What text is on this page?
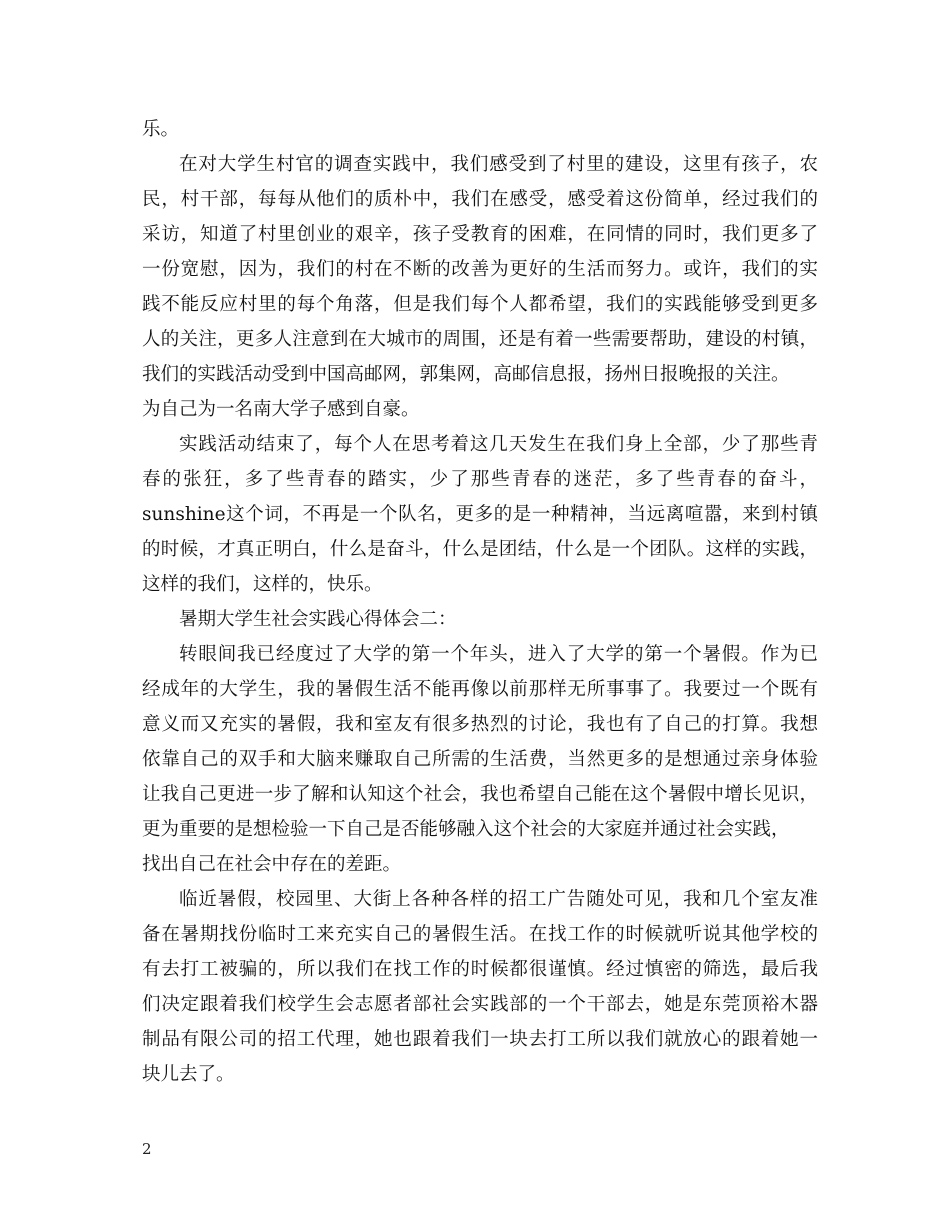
乐。
在对大学生村官的调查实践中，我们感受到了村里的建设，这里有孩子，农
民，村干部，每每从他们的质朴中，我们在感受，感受着这份简单，经过我们的
采访，知道了村里创业的艰辛，孩子受教育的困难，在同情的同时，我们更多了
一份宽慰，因为，我们的村在不断的改善为更好的生活而努力。或许，我们的实
践不能反应村里的每个角落，但是我们每个人都希望，我们的实践能够受到更多
人的关注，更多人注意到在大城市的周围，还是有着一些需要帮助，建设的村镇，
我们的实践活动受到中国高邮网，郭集网，高邮信息报，扬州日报晚报的关注。
为自己为一名南大学子感到自豪。
实践活动结束了，每个人在思考着这几天发生在我们身上全部，少了那些青
春的张狂，多了些青春的踏实，少了那些青春的迷茫，多了些青春的奋斗，
sunshine这个词，不再是一个队名，更多的是一种精神，当远离喧嚣，来到村镇
的时候，才真正明白，什么是奋斗，什么是团结，什么是一个团队。这样的实践，
这样的我们，这样的，快乐。
暑期大学生社会实践心得体会二：
转眼间我已经度过了大学的第一个年头，进入了大学的第一个暑假。作为已
经成年的大学生，我的暑假生活不能再像以前那样无所事事了。我要过一个既有
意义而又充实的暑假，我和室友有很多热烈的讨论，我也有了自己的打算。我想
依靠自己的双手和大脑来赚取自己所需的生活费，当然更多的是想通过亲身体验
让我自己更进一步了解和认知这个社会，我也希望自己能在这个暑假中增长见识，
更为重要的是想检验一下自己是否能够融入这个社会的大家庭并通过社会实践，
找出自己在社会中存在的差距。
临近暑假，校园里、大街上各种各样的招工广告随处可见，我和几个室友准
备在暑期找份临时工来充实自己的暑假生活。在找工作的时候就听说其他学校的
有去打工被骗的，所以我们在找工作的时候都很谨慎。经过慎密的筛选，最后我
们决定跟着我们校学生会志愿者部社会实践部的一个干部去，她是东莞顶裕木器
制品有限公司的招工代理，她也跟着我们一块去打工所以我们就放心的跟着她一
块儿去了。
2
